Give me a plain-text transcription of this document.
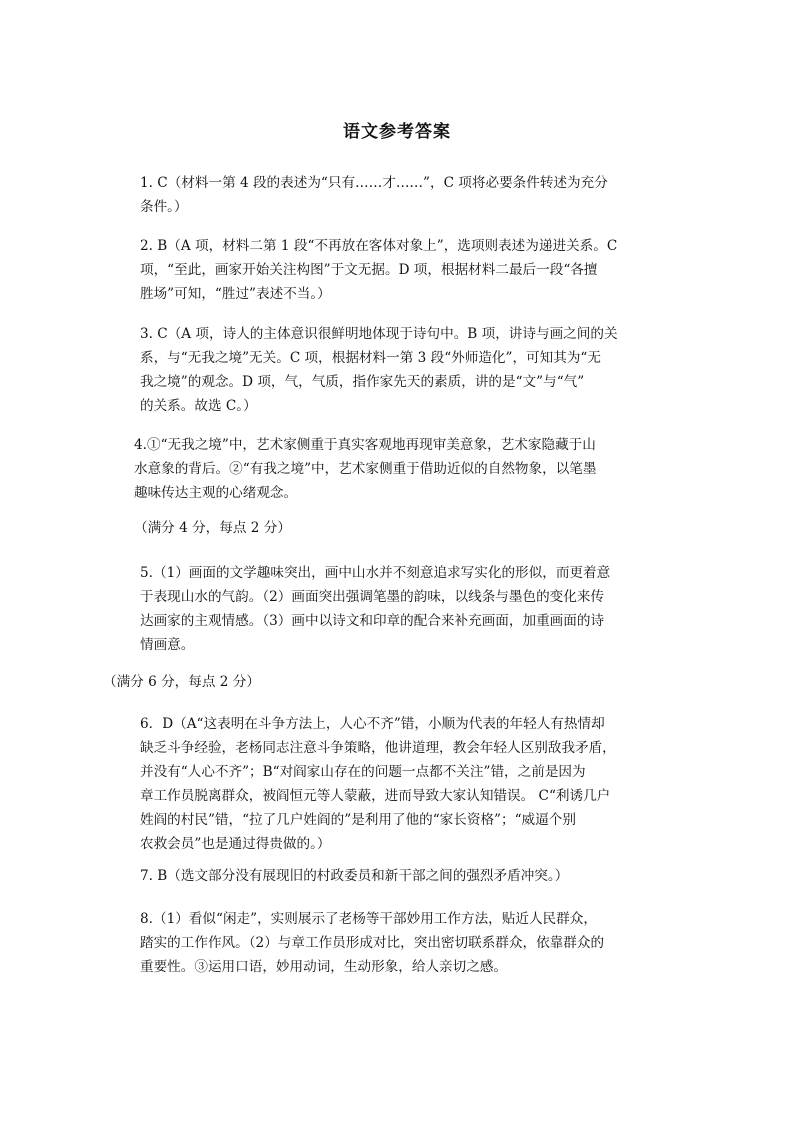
语文参考答案

1. C（材料一第 4 段的表述为“只有……才……”，C 项将必要条件转述为充分
条件。）

2. B（A 项，材料二第 1 段“不再放在客体对象上”，选项则表述为递进关系。C
项，“至此，画家开始关注构图”于文无据。D 项，根据材料二最后一段“各擅
胜场”可知，“胜过”表述不当。）

3. C（A 项，诗人的主体意识很鲜明地体现于诗句中。B 项，讲诗与画之间的关
系，与“无我之境”无关。C 项，根据材料一第 3 段“外师造化”，可知其为“无
我之境”的观念。D 项，气，气质，指作家先天的素质，讲的是“文”与“气”
的关系。故选 C。）

4.①“无我之境”中，艺术家侧重于真实客观地再现审美意象，艺术家隐藏于山
水意象的背后。②“有我之境”中，艺术家侧重于借助近似的自然物象，以笔墨
趣味传达主观的心绪观念。

（满分 4 分，每点 2 分）

5.（1）画面的文学趣味突出，画中山水并不刻意追求写实化的形似，而更着意
于表现山水的气韵。（2）画面突出强调笔墨的韵味，以线条与墨色的变化来传
达画家的主观情感。（3）画中以诗文和印章的配合来补充画面，加重画面的诗
情画意。

（满分 6 分，每点 2 分）

6．D（A“这表明在斗争方法上，人心不齐”错，小顺为代表的年轻人有热情却
缺乏斗争经验，老杨同志注意斗争策略，他讲道理，教会年轻人区别敌我矛盾，
并没有“人心不齐”；B“对阎家山存在的问题一点都不关注”错，之前是因为
章工作员脱离群众，被阎恒元等人蒙蔽，进而导致大家认知错误。 C“利诱几户
姓阎的村民”错，“拉了几户姓阎的”是利用了他的“家长资格”；“威逼个别
农救会员”也是通过得贵做的。）

7. B（选文部分没有展现旧的村政委员和新干部之间的强烈矛盾冲突。）

8.（1）看似“闲走”，实则展示了老杨等干部妙用工作方法，贴近人民群众，
踏实的工作作风。（2）与章工作员形成对比，突出密切联系群众，依靠群众的
重要性。③运用口语，妙用动词，生动形象，给人亲切之感。
